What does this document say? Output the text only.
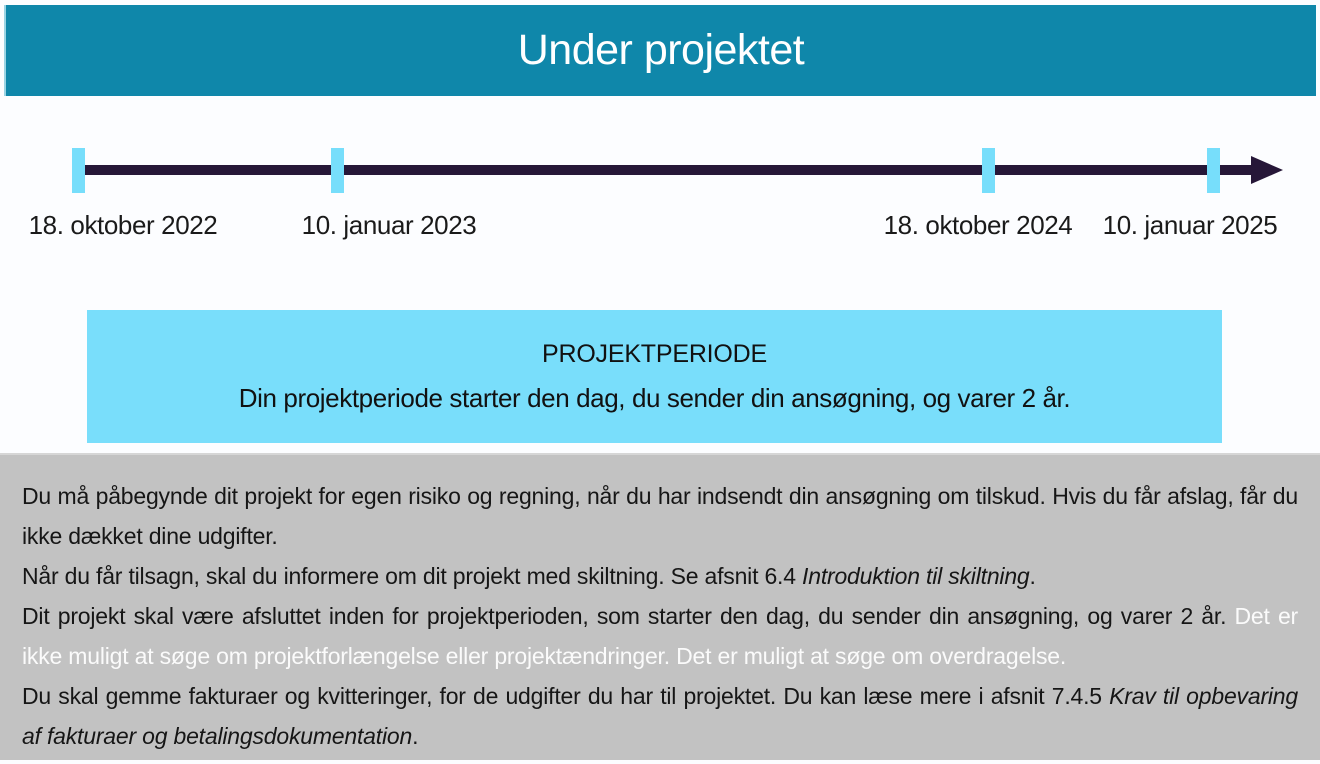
Under projektet
18. oktober 2022	10. januar 2023	18. oktober 2024 10. januar 2025
PROJEKTPERIODE
Din projektperiode starter den dag, du sender din ansøgning, og varer 2 år.

Du må påbegynde dit projekt for egen risiko og regning, når du har indsendt din ansøgning om tilskud. Hvis du får afslag, får du ikke dækket dine udgifter.

Når du får tilsagn, skal du informere om dit projekt med skiltning. Se afsnit 6.4 Introduktion til skiltning.

Dit projekt skal være afsluttet inden for projektperioden, som starter den dag, du sender din ansøgning, og varer 2 år. Det er ikke muligt at søge om projektforlængelse eller projektændringer. Det er muligt at søge om overdragelse.

Du skal gemme fakturaer og kvitteringer, for de udgifter du har til projektet. Du kan læse mere i afsnit 7.4.5 Krav til opbevaring af fakturaer og betalingsdokumentation.
